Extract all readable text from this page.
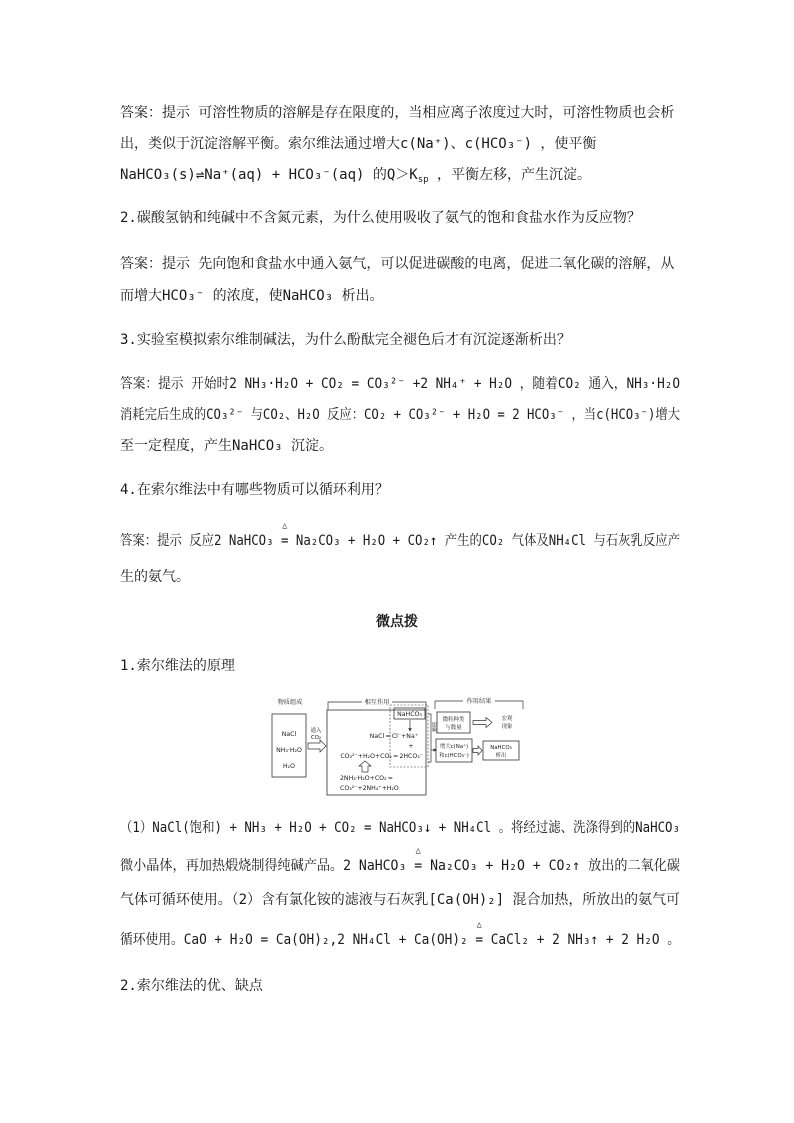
答案：提示 可溶性物质的溶解是存在限度的，当相应离子浓度过大时，可溶性物质也会析
出，类似于沉淀溶解平衡。索尔维法通过增大c(Na⁺)、c(HCO₃⁻) ，使平衡
NaHCO₃(s)⇌Na⁺(aq) + HCO₃⁻(aq) 的$Q>K_{sp}$ ，平衡左移，产生沉淀。
2.碳酸氢钠和纯碱中不含氮元素，为什么使用吸收了氨气的饱和食盐水作为反应物？
答案：提示 先向饱和食盐水中通入氨气，可以促进碳酸的电离，促进二氧化碳的溶解，从
而增大HCO₃⁻ 的浓度，使NaHCO₃ 析出。
3.实验室模拟索尔维制碱法，为什么酚酞完全褪色后才有沉淀逐渐析出？
答案：提示 开始时2 NH₃·H₂O + CO₂ = CO₃²⁻ +2 NH₄⁺ + H₂O ，随着CO₂ 通入，NH₃·H₂O
消耗完后生成的CO₃²⁻ 与CO₂、H₂O 反应：CO₂ + CO₃²⁻ + H₂O = 2 HCO₃⁻ ，当c(HCO₃⁻)增大
至一定程度，产生NaHCO₃ 沉淀。
4.在索尔维法中有哪些物质可以循环利用？
答案：提示 反应2 NaHCO₃
△
= Na₂CO₃ + H₂O + CO₂↑ 产生的CO₂ 气体及NH₄Cl 与石灰乳反应产
生的氨气。
微点拨
1.索尔维法的原理
物质组成	相互作用	作用结果
NaCl
NH₃·H₂O
H₂O
通入
CO₂
NaHCO₃
NaCl ═ Cl⁻+Na⁺
+
CO₃²⁻+H₂O+CO₂ ═ 2HCO₃⁻
2NH₃·H₂O+CO₂ ═
CO₃²⁻+2NH₄⁺+H₂O
影响
微粒种类
与数量
宏观
现象
增大c(Na⁺)
和c(HCO₃⁻)
NaHCO₃
析出
（1）NaCl(饱和) + NH₃ + H₂O + CO₂ = NaHCO₃↓ + NH₄Cl 。将经过滤、洗涤得到的NaHCO₃
微小晶体，再加热煅烧制得纯碱产品。2 NaHCO₃
△
= Na₂CO₃ + H₂O + CO₂↑ 放出的二氧化碳
气体可循环使用。（2）含有氯化铵的滤液与石灰乳[Ca(OH)₂] 混合加热，所放出的氨气可
循环使用。CaO + H₂O = Ca(OH)₂,2 NH₄Cl + Ca(OH)₂
△
= CaCl₂ + 2 NH₃↑ + 2 H₂O 。
2.索尔维法的优、缺点
